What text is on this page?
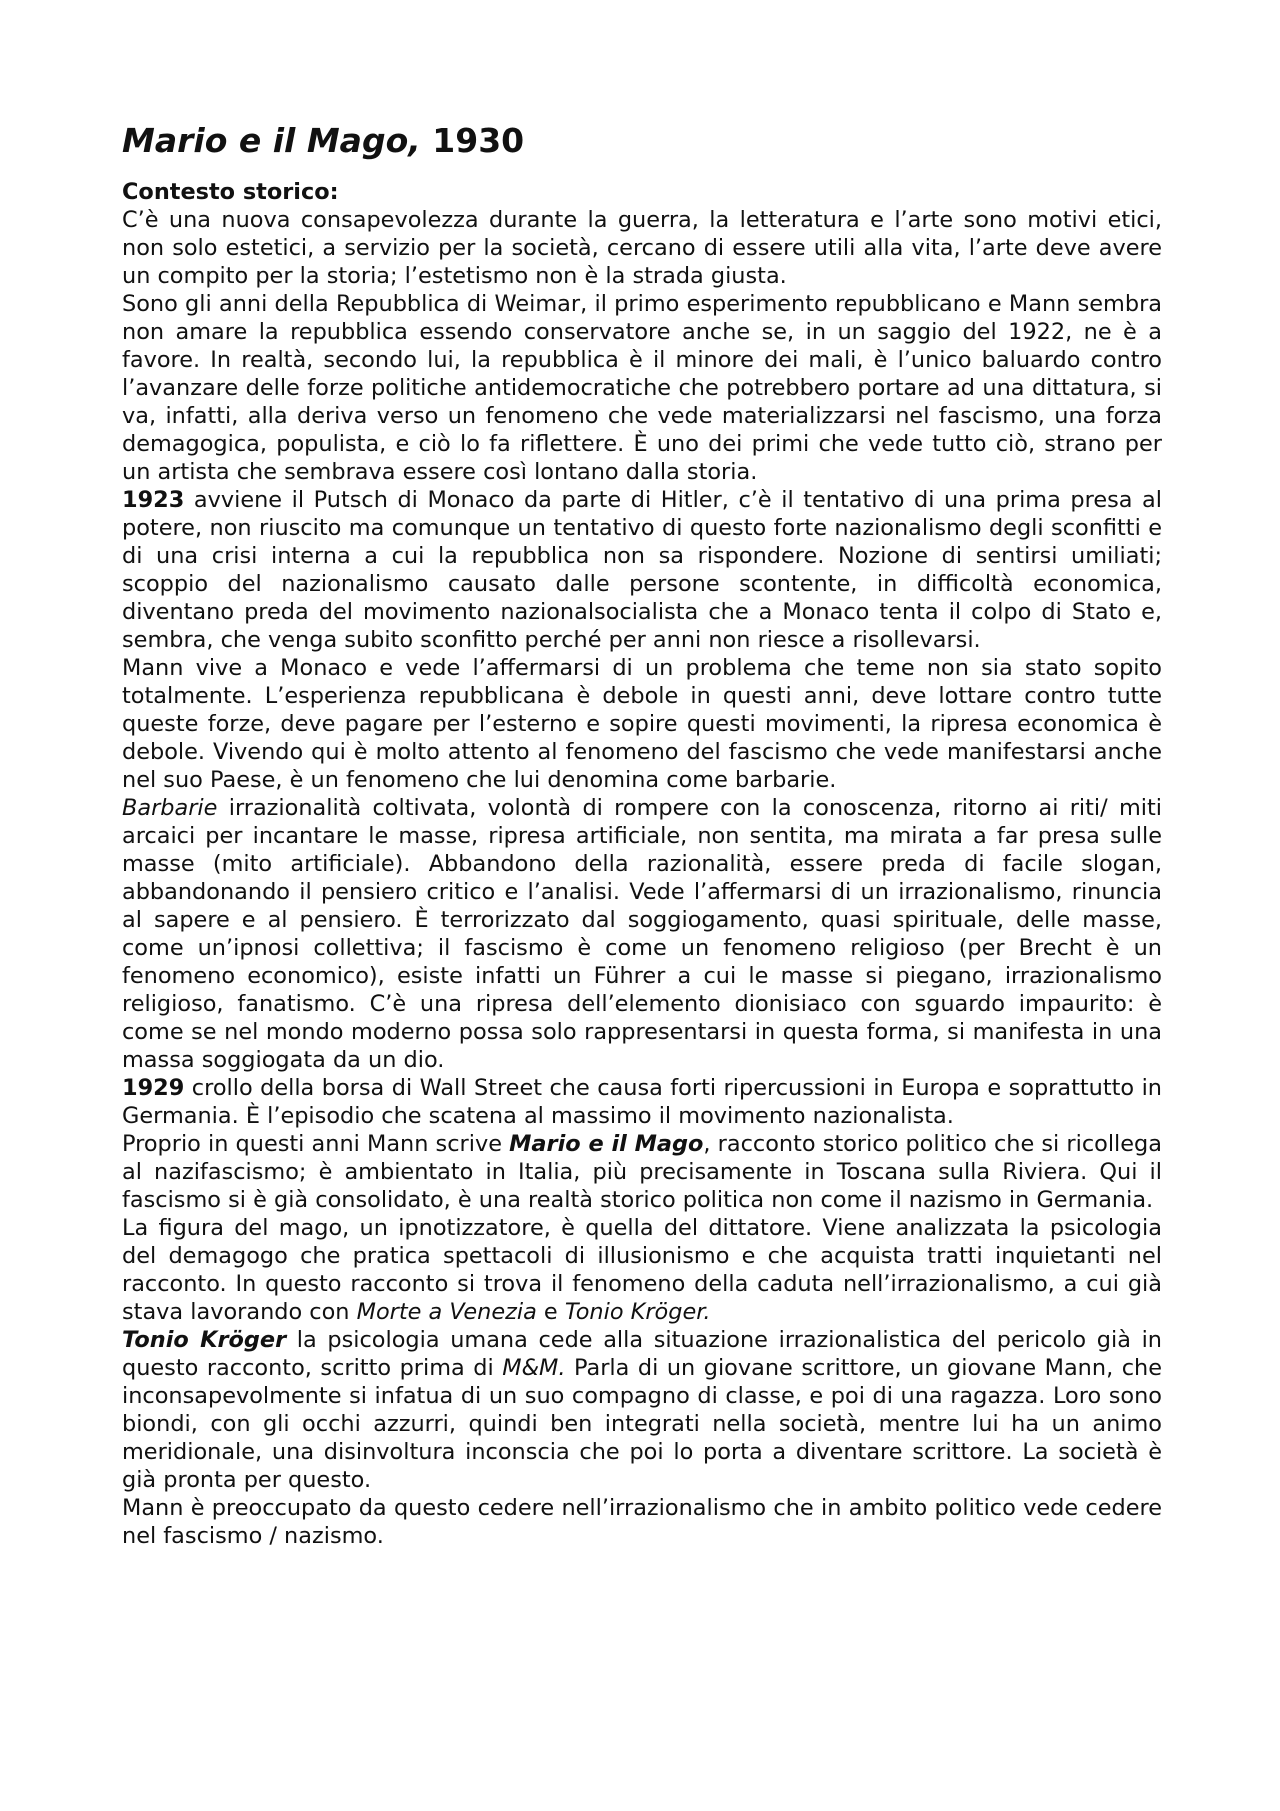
Mario e il Mago, 1930
Contesto storico:

C’è una nuova consapevolezza durante la guerra, la letteratura e l’arte sono motivi etici, non solo estetici, a servizio per la società, cercano di essere utili alla vita, l’arte deve avere un compito per la storia; l’estetismo non è la strada giusta.

Sono gli anni della Repubblica di Weimar, il primo esperimento repubblicano e Mann sembra non amare la repubblica essendo conservatore anche se, in un saggio del 1922, ne è a favore. In realtà, secondo lui, la repubblica è il minore dei mali, è l’unico baluardo contro l’avanzare delle forze politiche antidemocratiche che potrebbero portare ad una dittatura, si va, infatti, alla deriva verso un fenomeno che vede materializzarsi nel fascismo, una forza demagogica, populista, e ciò lo fa riflettere. È uno dei primi che vede tutto ciò, strano per un artista che sembrava essere così lontano dalla storia.

1923 avviene il Putsch di Monaco da parte di Hitler, c’è il tentativo di una prima presa al potere, non riuscito ma comunque un tentativo di questo forte nazionalismo degli sconfitti e di una crisi interna a cui la repubblica non sa rispondere. Nozione di sentirsi umiliati; scoppio del nazionalismo causato dalle persone scontente, in difficoltà economica, diventano preda del movimento nazionalsocialista che a Monaco tenta il colpo di Stato e, sembra, che venga subito sconfitto perché per anni non riesce a risollevarsi.

Mann vive a Monaco e vede l’affermarsi di un problema che teme non sia stato sopito totalmente. L’esperienza repubblicana è debole in questi anni, deve lottare contro tutte queste forze, deve pagare per l’esterno e sopire questi movimenti, la ripresa economica è debole. Vivendo qui è molto attento al fenomeno del fascismo che vede manifestarsi anche nel suo Paese, è un fenomeno che lui denomina come barbarie.

Barbarie irrazionalità coltivata, volontà di rompere con la conoscenza, ritorno ai riti/ miti arcaici per incantare le masse, ripresa artificiale, non sentita, ma mirata a far presa sulle masse (mito artificiale). Abbandono della razionalità, essere preda di facile slogan, abbandonando il pensiero critico e l’analisi. Vede l’affermarsi di un irrazionalismo, rinuncia al sapere e al pensiero. È terrorizzato dal soggiogamento, quasi spirituale, delle masse, come un’ipnosi collettiva; il fascismo è come un fenomeno religioso (per Brecht è un fenomeno economico), esiste infatti un Führer a cui le masse si piegano, irrazionalismo religioso, fanatismo. C’è una ripresa dell’elemento dionisiaco con sguardo impaurito: è come se nel mondo moderno possa solo rappresentarsi in questa forma, si manifesta in una massa soggiogata da un dio.

1929 crollo della borsa di Wall Street che causa forti ripercussioni in Europa e soprattutto in Germania. È l’episodio che scatena al massimo il movimento nazionalista.

Proprio in questi anni Mann scrive Mario e il Mago, racconto storico politico che si ricollega al nazifascismo; è ambientato in Italia, più precisamente in Toscana sulla Riviera. Qui il fascismo si è già consolidato, è una realtà storico politica non come il nazismo in Germania.

La figura del mago, un ipnotizzatore, è quella del dittatore. Viene analizzata la psicologia del demagogo che pratica spettacoli di illusionismo e che acquista tratti inquietanti nel racconto. In questo racconto si trova il fenomeno della caduta nell’irrazionalismo, a cui già stava lavorando con Morte a Venezia e Tonio Kröger.

Tonio Kröger la psicologia umana cede alla situazione irrazionalistica del pericolo già in questo racconto, scritto prima di M&M. Parla di un giovane scrittore, un giovane Mann, che inconsapevolmente si infatua di un suo compagno di classe, e poi di una ragazza. Loro sono biondi, con gli occhi azzurri, quindi ben integrati nella società, mentre lui ha un animo meridionale, una disinvoltura inconscia che poi lo porta a diventare scrittore. La società è già pronta per questo.

Mann è preoccupato da questo cedere nell’irrazionalismo che in ambito politico vede cedere nel fascismo / nazismo.
